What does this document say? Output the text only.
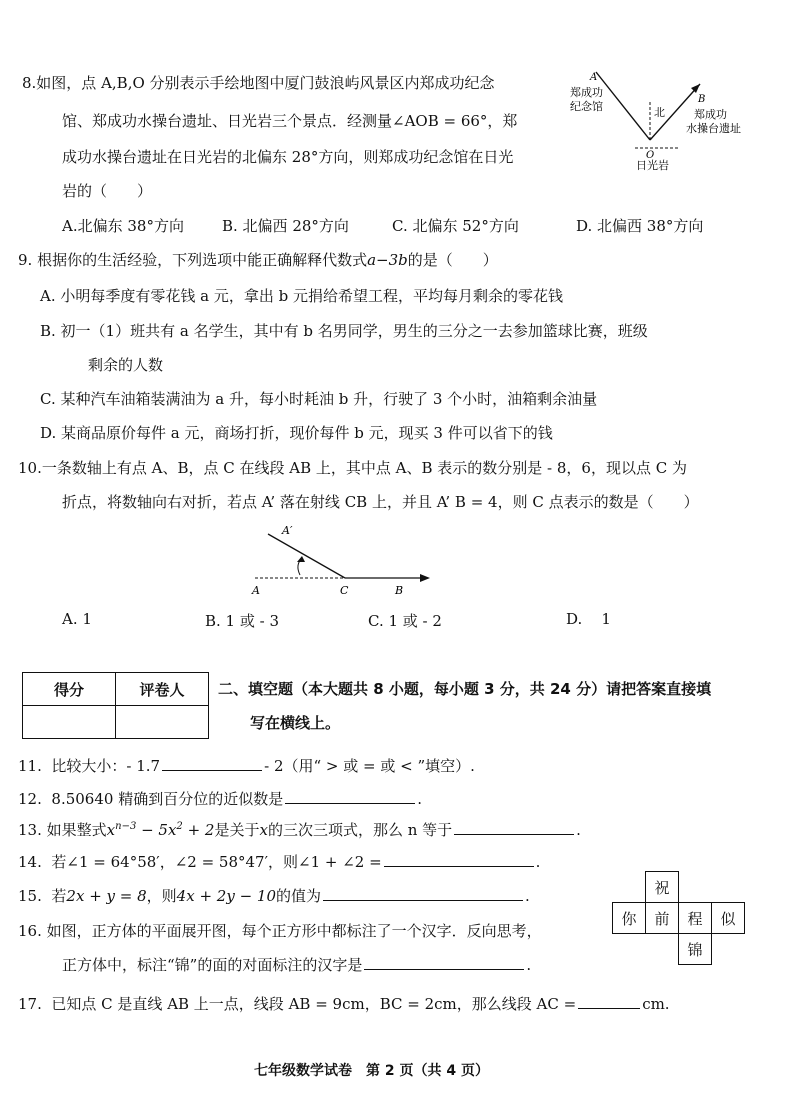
8.如图，点 A,B,O 分别表示手绘地图中厦门鼓浪屿风景区内郑成功纪念
馆、郑成功水操台遗址、日光岩三个景点．经测量∠AOB = 66°，郑
成功水操台遗址在日光岩的北偏东 28°方向，则郑成功纪念馆在日光
岩的（　　）
A.北偏东 38°方向	B. 北偏西 28°方向	C. 北偏东 52°方向	D. 北偏西 38°方向
A
郑成功
纪念馆	北
B
郑成功
水操台遗址
O
日光岩
9. 根据你的生活经验，下列选项中能正确解释代数式a−3b的是（　　）
A. 小明每季度有零花钱 a 元，拿出 b 元捐给希望工程，平均每月剩余的零花钱
B. 初一（1）班共有 a 名学生，其中有 b 名男同学，男生的三分之一去参加篮球比赛，班级
剩余的人数
C. 某种汽车油箱装满油为 a 升，每小时耗油 b 升，行驶了 3 个小时，油箱剩余油量
D. 某商品原价每件 a 元，商场打折，现价每件 b 元，现买 3 件可以省下的钱
10.一条数轴上有点 A、B，点 C 在线段 AB 上，其中点 A、B 表示的数分别是 - 8，6，现以点 C 为
折点，将数轴向右对折，若点 A’ 落在射线 CB 上，并且 A’ B = 4，则 C 点表示的数是（　　）
A′
A	C	B
A. 1	B. 1 或 - 3	C. 1 或 - 2	D.    1
得分	评卷人
	二、填空题（本大题共 8 小题，每小题 3 分，共 24 分）请把答案直接填
写在横线上。
11. 比较大小：- 1.7	- 2（用“ > 或 = 或 < ”填空）.
12. 8.50640 精确到百分位的近似数是	.
13. 如果整式$x^{n-3} - 5x^2 + 2$是关于x的三次三项式，那么 n 等于	.
14. 若∠1 = 64°58′，∠2 = 58°47′，则∠1 + ∠2 =	.
15. 若2x + y = 8，则4x + 2y − 10的值为	.
16. 如图，正方体的平面展开图，每个正方形中都标注了一个汉字．反向思考，
正方体中，标注“锦”的面的对面标注的汉字是	.
祝
你	前	程	似
锦
17. 已知点 C 是直线 AB 上一点，线段 AB = 9cm，BC = 2cm，那么线段 AC =	cm.
七年级数学试卷　第 2 页（共 4 页）
